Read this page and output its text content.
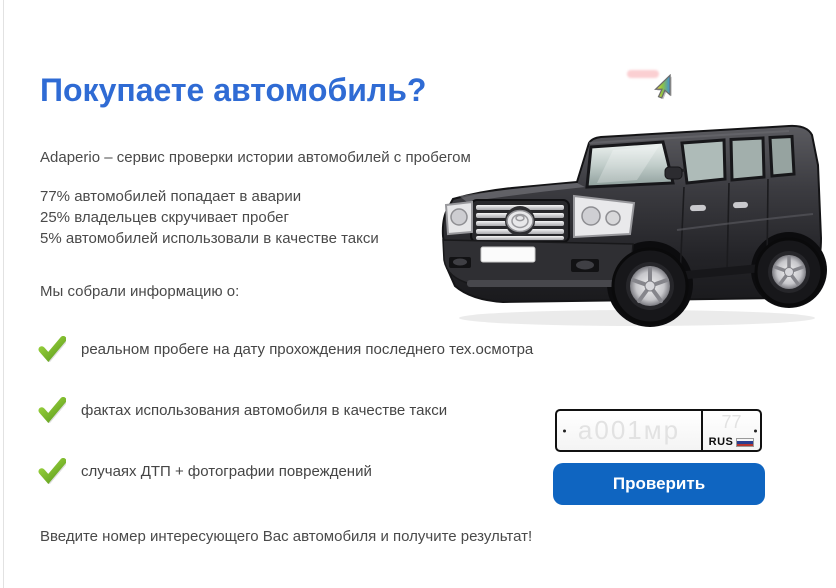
Покупаете автомобиль?

Adaperio – сервис проверки истории автомобилей с пробегом

77% автомобилей попадает в аварии
25% владельцев скручивает пробег
5% автомобилей использовали в качестве такси

Мы собрали информацию о:

реальном пробеге на дату прохождения последнего тех.осмотра
фактах использования автомобиля в качестве такси
случаях ДТП + фотографии повреждений

Введите номер интересующего Вас автомобиля и получите результат!

а001мр
77
RUS
Проверить
